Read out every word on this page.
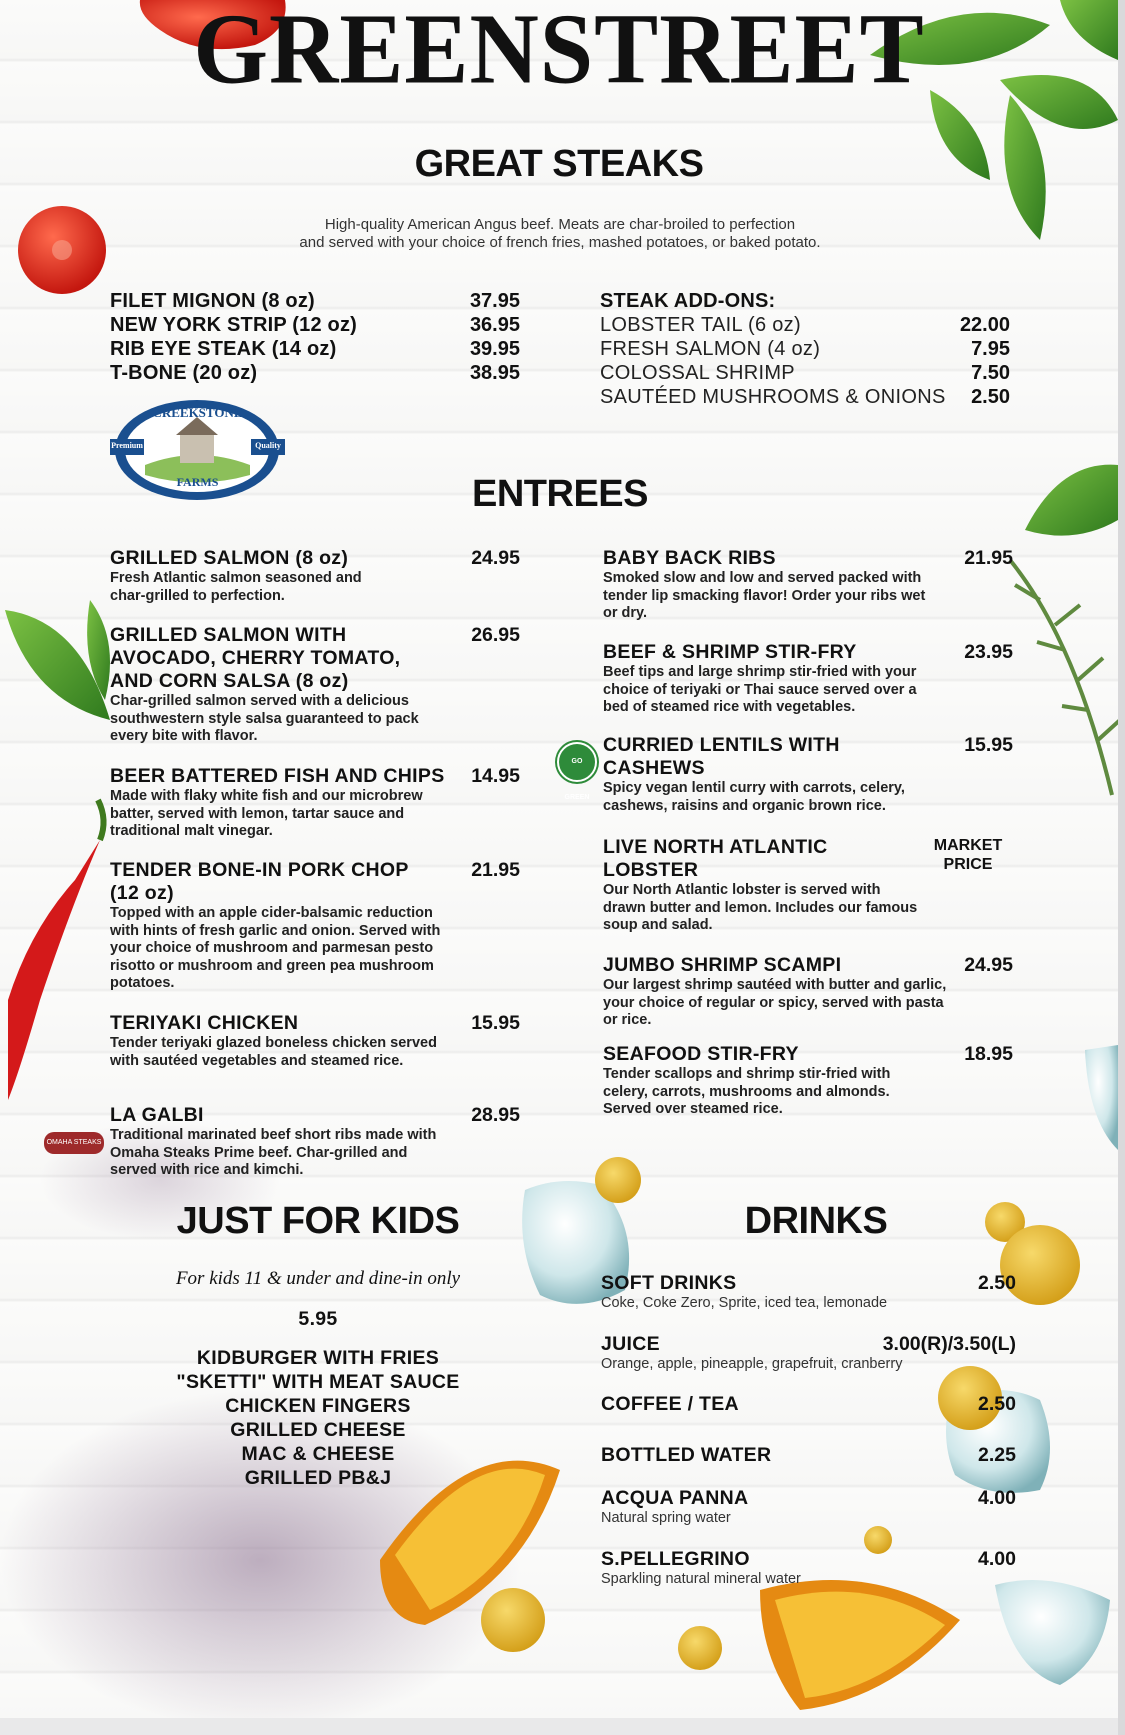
GREENSTREET
GREAT STEAKS
High-quality American Angus beef. Meats are char-broiled to perfection
and served with your choice of french fries, mashed potatoes, or baked potato.
FILET MIGNON (8 oz)	37.95
NEW YORK STRIP (12 oz)	36.95
RIB EYE STEAK (14 oz)	39.95
T-BONE (20 oz)	38.95
STEAK ADD-ONS:
LOBSTER TAIL (6 oz)	22.00
FRESH SALMON (4 oz)	7.95
COLOSSAL SHRIMP	7.50
SAUTÉED MUSHROOMS & ONIONS 2.50
CREEKSTONE
Premium	Quality
FARMS	ENTREES
GRILLED SALMON (8 oz)	24.95
Fresh Atlantic salmon seasoned and char-grilled to perfection.
GRILLED SALMON WITH AVOCADO, CHERRY TOMATO, AND CORN SALSA (8 oz)
26.95
Char-grilled salmon served with a delicious southwestern style salsa guaranteed to pack every bite with flavor.
BEER BATTERED FISH AND CHIPS 14.95
Made with flaky white fish and our microbrew batter, served with lemon, tartar sauce and traditional malt vinegar.
TENDER BONE-IN PORK CHOP (12 oz)
21.95
Topped with an apple cider-balsamic reduction with hints of fresh garlic and onion. Served with your choice of mushroom and parmesan pesto risotto or mushroom and green pea mushroom potatoes.
TERIYAKI CHICKEN	15.95
Tender teriyaki glazed boneless chicken served with sautéed vegetables and steamed rice.
LA GALBI	28.95
Traditional marinated beef short ribs made with Omaha Steaks Prime beef. Char-grilled and served with rice and kimchi.
OMAHA STEAKS
GO GREEN
BABY BACK RIBS	21.95
Smoked slow and low and served packed with tender lip smacking flavor! Order your ribs wet or dry.
BEEF & SHRIMP STIR-FRY	23.95
Beef tips and large shrimp stir-fried with your choice of teriyaki or Thai sauce served over a bed of steamed rice with vegetables.
CURRIED LENTILS WITH CASHEWS
15.95
Spicy vegan lentil curry with carrots, celery, cashews, raisins and organic brown rice.
LIVE NORTH ATLANTIC LOBSTER
MARKET PRICE
Our North Atlantic lobster is served with drawn butter and lemon. Includes our famous soup and salad.
JUMBO SHRIMP SCAMPI	24.95
Our largest shrimp sautéed with butter and garlic, your choice of regular or spicy, served with pasta or rice.
SEAFOOD STIR-FRY	18.95
Tender scallops and shrimp stir-fried with celery, carrots, mushrooms and almonds. Served over steamed rice.
JUST FOR KIDS
For kids 11 & under and dine-in only
5.95
KIDBURGER WITH FRIES
"SKETTI" WITH MEAT SAUCE
CHICKEN FINGERS
GRILLED CHEESE
MAC & CHEESE
GRILLED PB&J
DRINKS
SOFT DRINKS	2.50
Coke, Coke Zero, Sprite, iced tea, lemonade
JUICE	3.00(R)/3.50(L)
Orange, apple, pineapple, grapefruit, cranberry
COFFEE / TEA	2.50
BOTTLED WATER	2.25
ACQUA PANNA	4.00
Natural spring water
S.PELLEGRINO	4.00
Sparkling natural mineral water
